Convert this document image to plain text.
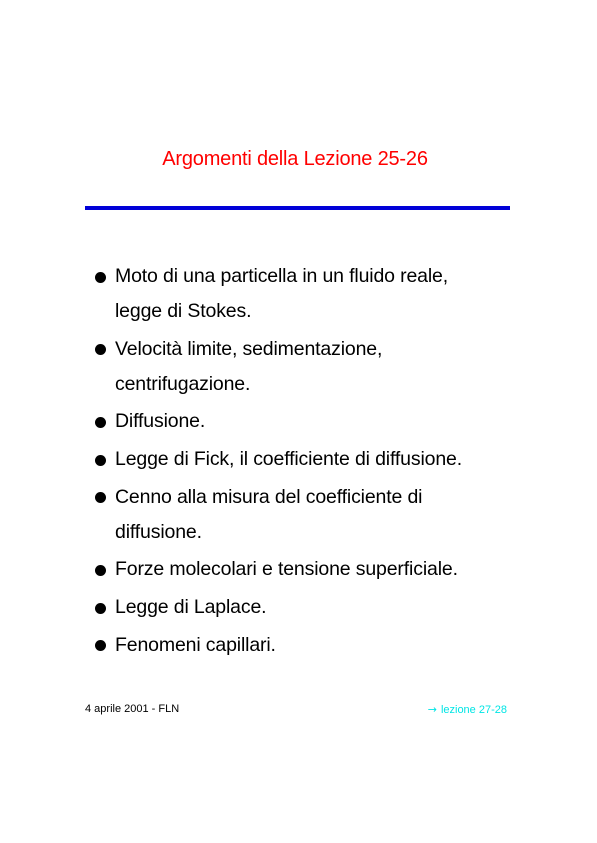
Argomenti della Lezione 25-26
Moto di una particella in un fluido reale,
legge di Stokes.
Velocità limite, sedimentazione,
centrifugazione.
Diffusione.
Legge di Fick, il coefficiente di diffusione.
Cenno alla misura del coefficiente di
diffusione.
Forze molecolari e tensione superficiale.
Legge di Laplace.
Fenomeni capillari.
4 aprile 2001 - FLN	→ lezione 27-28
